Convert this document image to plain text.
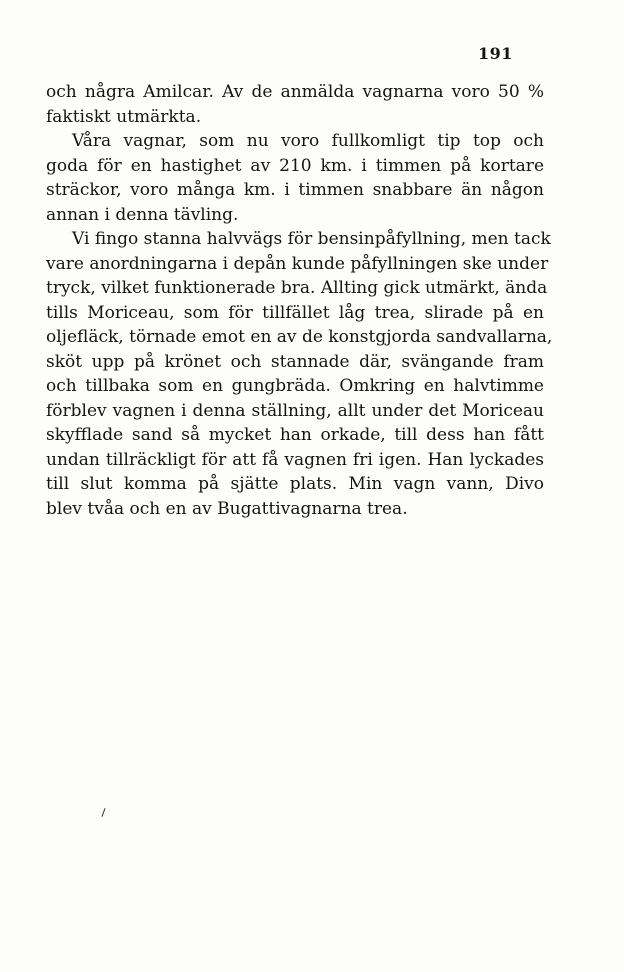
191
och några Amilcar. Av de anmälda vagnarna voro 50 %
faktiskt utmärkta.
Våra vagnar, som nu voro fullkomligt tip top och
goda för en hastighet av 210 km. i timmen på kortare
sträckor, voro många km. i timmen snabbare än någon
annan i denna tävling.
Vi fingo stanna halvvägs för bensinpåfyllning, men tack
vare anordningarna i depån kunde påfyllningen ske under
tryck, vilket funktionerade bra. Allting gick utmärkt, ända
tills Moriceau, som för tillfället låg trea, slirade på en
oljefläck, törnade emot en av de konstgjorda sandvallarna,
sköt upp på krönet och stannade där, svängande fram
och tillbaka som en gungbräda. Omkring en halvtimme
förblev vagnen i denna ställning, allt under det Moriceau
skyfflade sand så mycket han orkade, till dess han fått
undan tillräckligt för att få vagnen fri igen. Han lyckades
till slut komma på sjätte plats. Min vagn vann, Divo
blev tvåa och en av Bugattivagnarna trea.
